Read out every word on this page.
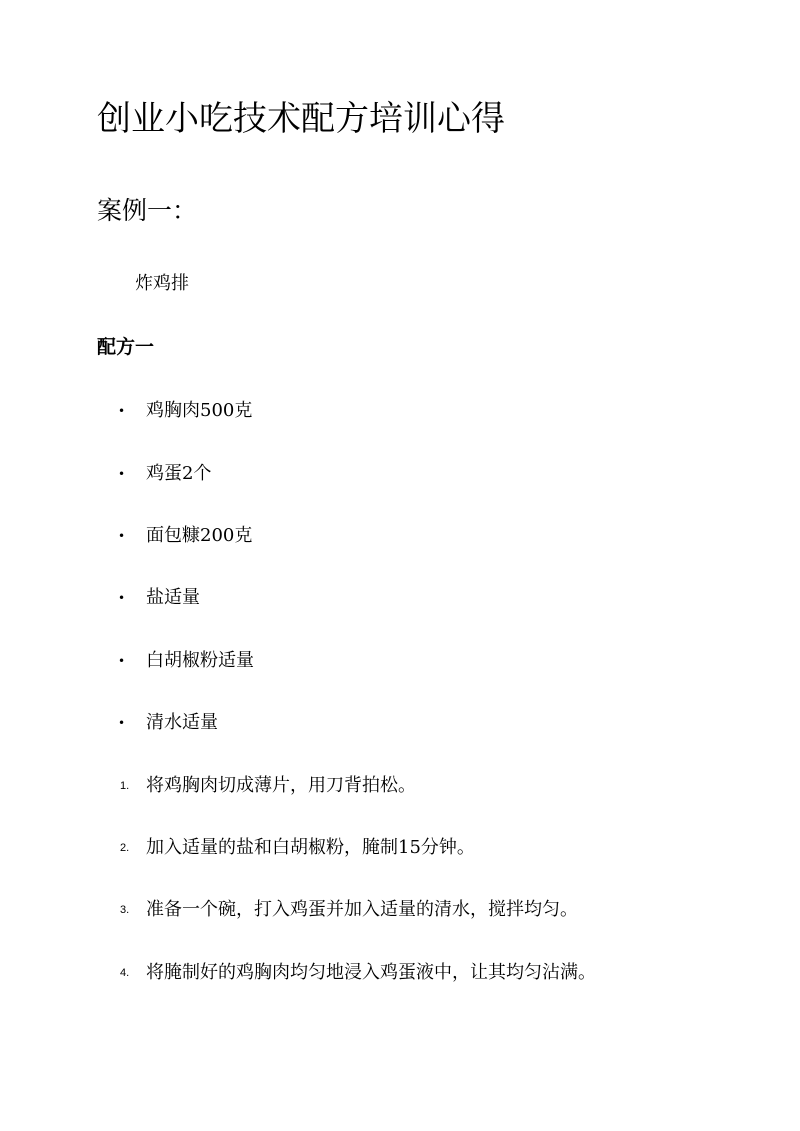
创业小吃技术配方培训心得
案例一：

炸鸡排

配方一
• 鸡胸肉500克
• 鸡蛋2个
• 面包糠200克
• 盐适量
• 白胡椒粉适量
• 清水适量
1. 将鸡胸肉切成薄片，用刀背拍松。
2. 加入适量的盐和白胡椒粉，腌制15分钟。
3. 准备一个碗，打入鸡蛋并加入适量的清水，搅拌均匀。
4. 将腌制好的鸡胸肉均匀地浸入鸡蛋液中，让其均匀沾满。
